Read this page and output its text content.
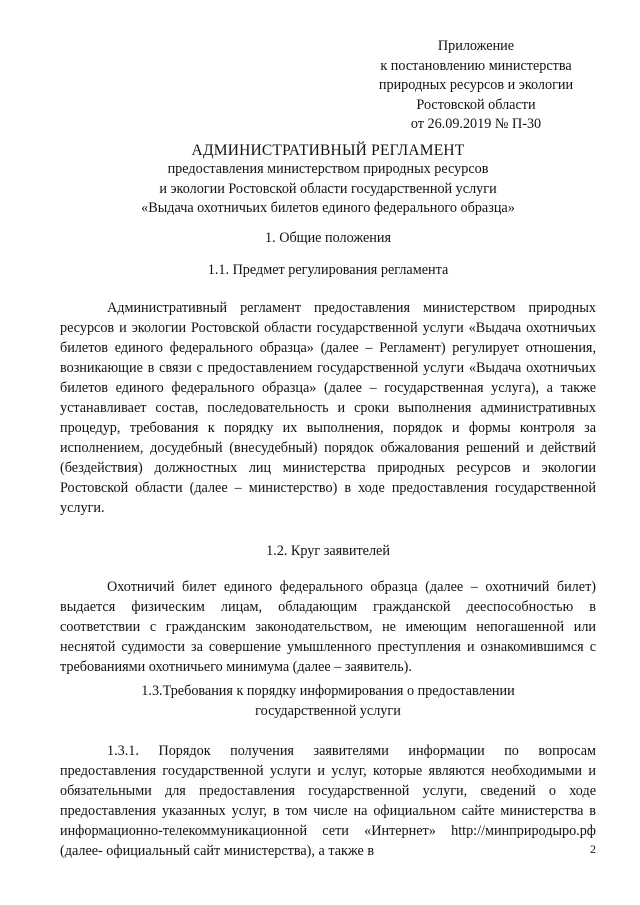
Приложение
к постановлению министерства
природных ресурсов и экологии
Ростовской области
от 26.09.2019 № П-30
АДМИНИСТРАТИВНЫЙ РЕГЛАМЕНТ
предоставления министерством природных ресурсов
и экологии Ростовской области государственной услуги
«Выдача охотничьих билетов единого федерального образца»
1. Общие положения
1.1. Предмет регулирования регламента
Административный регламент предоставления министерством природных ресурсов и экологии Ростовской области государственной услуги «Выдача охотничьих билетов единого федерального образца» (далее – Регламент) регулирует отношения, возникающие в связи с предоставлением государственной услуги «Выдача охотничьих билетов единого федерального образца» (далее – государственная услуга), а также устанавливает состав, последовательность и сроки выполнения административных процедур, требования к порядку их выполнения, порядок и формы контроля за исполнением, досудебный (внесудебный) порядок обжалования решений и действий (бездействия) должностных лиц министерства природных ресурсов и экологии Ростовской области (далее – министерство) в ходе предоставления государственной услуги.
1.2. Круг заявителей
Охотничий билет единого федерального образца (далее – охотничий билет) выдается физическим лицам, обладающим гражданской дееспособностью в соответствии с гражданским законодательством, не имеющим непогашенной или неснятой судимости за совершение умышленного преступления и ознакомившимся с требованиями охотничьего минимума (далее – заявитель).
1.3.Требования к порядку информирования о предоставлении
государственной услуги
1.3.1. Порядок получения заявителями информации по вопросам предоставления государственной услуги и услуг, которые являются необходимыми и обязательными для предоставления государственной услуги, сведений о ходе предоставления указанных услуг, в том числе на официальном сайте министерства в информационно-телекоммуникационной сети «Интернет» http://минприродыро.рф (далее- официальный сайт министерства), а также в	2
